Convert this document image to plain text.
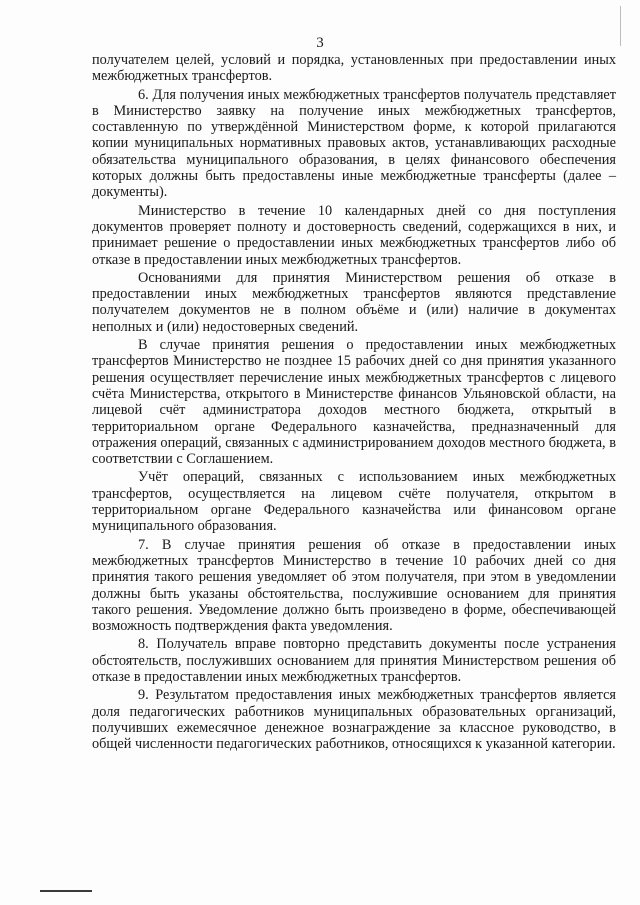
3

получателем целей, условий и порядка, установленных при предоставлении иных межбюджетных трансфертов.

6. Для получения иных межбюджетных трансфертов получатель представляет в Министерство заявку на получение иных межбюджетных трансфертов, составленную по утверждённой Министерством форме, к которой прилагаются копии муниципальных нормативных правовых актов, устанавливающих расходные обязательства муниципального образования, в целях финансового обеспечения которых должны быть предоставлены иные межбюджетные трансферты (далее – документы).

Министерство в течение 10 календарных дней со дня поступления документов проверяет полноту и достоверность сведений, содержащихся в них, и принимает решение о предоставлении иных межбюджетных трансфертов либо об отказе в предоставлении иных межбюджетных трансфертов.

Основаниями для принятия Министерством решения об отказе в предоставлении иных межбюджетных трансфертов являются представление получателем документов не в полном объёме и (или) наличие в документах неполных и (или) недостоверных сведений.

В случае принятия решения о предоставлении иных межбюджетных трансфертов Министерство не позднее 15 рабочих дней со дня принятия указанного решения осуществляет перечисление иных межбюджетных трансфертов с лицевого счёта Министерства, открытого в Министерстве финансов Ульяновской области, на лицевой счёт администратора доходов местного бюджета, открытый в территориальном органе Федерального казначейства, предназначенный для отражения операций, связанных с администрированием доходов местного бюджета, в соответствии с Соглашением.

Учёт операций, связанных с использованием иных межбюджетных трансфертов, осуществляется на лицевом счёте получателя, открытом в территориальном органе Федерального казначейства или финансовом органе муниципального образования.

7. В случае принятия решения об отказе в предоставлении иных межбюджетных трансфертов Министерство в течение 10 рабочих дней со дня принятия такого решения уведомляет об этом получателя, при этом в уведомлении должны быть указаны обстоятельства, послужившие основанием для принятия такого решения. Уведомление должно быть произведено в форме, обеспечивающей возможность подтверждения факта уведомления.

8. Получатель вправе повторно представить документы после устранения обстоятельств, послуживших основанием для принятия Министерством решения об отказе в предоставлении иных межбюджетных трансфертов.

9. Результатом предоставления иных межбюджетных трансфертов является доля педагогических работников муниципальных образовательных организаций, получивших ежемесячное денежное вознаграждение за классное руководство, в общей численности педагогических работников, относящихся к указанной категории.
